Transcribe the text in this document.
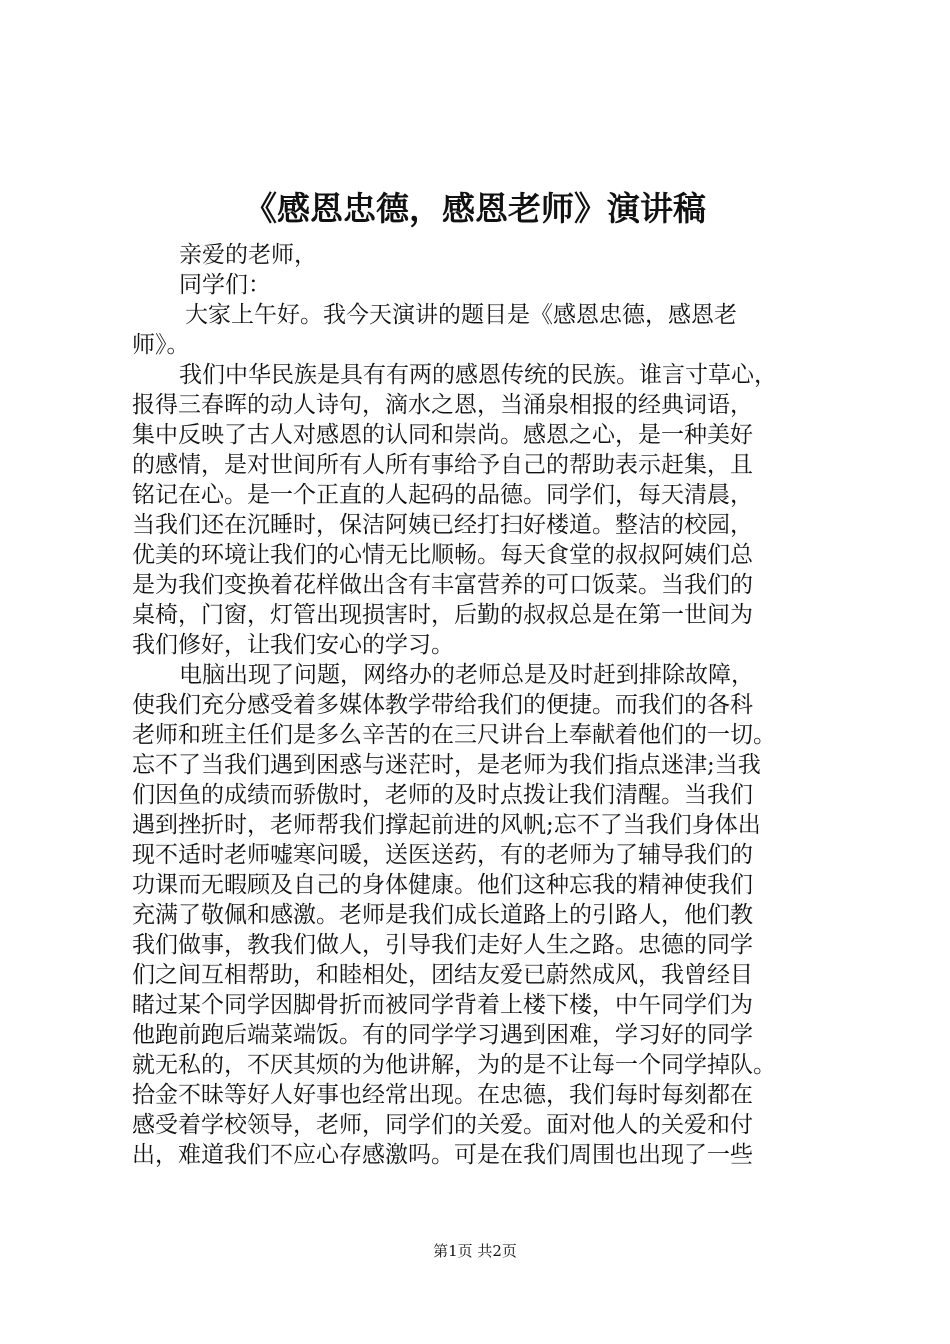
《感恩忠德，感恩老师》演讲稿
亲爱的老师，
同学们：
大家上午好。我今天演讲的题目是《感恩忠德，感恩老
师》。
我们中华民族是具有有两的感恩传统的民族。谁言寸草心，
报得三春晖的动人诗句，滴水之恩，当涌泉相报的经典词语，
集中反映了古人对感恩的认同和崇尚。感恩之心，是一种美好
的感情，是对世间所有人所有事给予自己的帮助表示赶集，且
铭记在心。是一个正直的人起码的品德。同学们，每天清晨，
当我们还在沉睡时，保洁阿姨已经打扫好楼道。整洁的校园，
优美的环境让我们的心情无比顺畅。每天食堂的叔叔阿姨们总
是为我们变换着花样做出含有丰富营养的可口饭菜。当我们的
桌椅，门窗，灯管出现损害时，后勤的叔叔总是在第一世间为
我们修好，让我们安心的学习。
电脑出现了问题，网络办的老师总是及时赶到排除故障，
使我们充分感受着多媒体教学带给我们的便捷。而我们的各科
老师和班主任们是多么辛苦的在三尺讲台上奉献着他们的一切。
忘不了当我们遇到困惑与迷茫时，是老师为我们指点迷津;当我
们因鱼的成绩而骄傲时，老师的及时点拨让我们清醒。当我们
遇到挫折时，老师帮我们撑起前进的风帆;忘不了当我们身体出
现不适时老师嘘寒问暖，送医送药，有的老师为了辅导我们的
功课而无暇顾及自己的身体健康。他们这种忘我的精神使我们
充满了敬佩和感激。老师是我们成长道路上的引路人，他们教
我们做事，教我们做人，引导我们走好人生之路。忠德的同学
们之间互相帮助，和睦相处，团结友爱已蔚然成风，我曾经目
睹过某个同学因脚骨折而被同学背着上楼下楼，中午同学们为
他跑前跑后端菜端饭。有的同学学习遇到困难，学习好的同学
就无私的，不厌其烦的为他讲解，为的是不让每一个同学掉队。
拾金不昧等好人好事也经常出现。在忠德，我们每时每刻都在
感受着学校领导，老师，同学们的关爱。面对他人的关爱和付
出，难道我们不应心存感激吗。可是在我们周围也出现了一些
第1页 共2页
